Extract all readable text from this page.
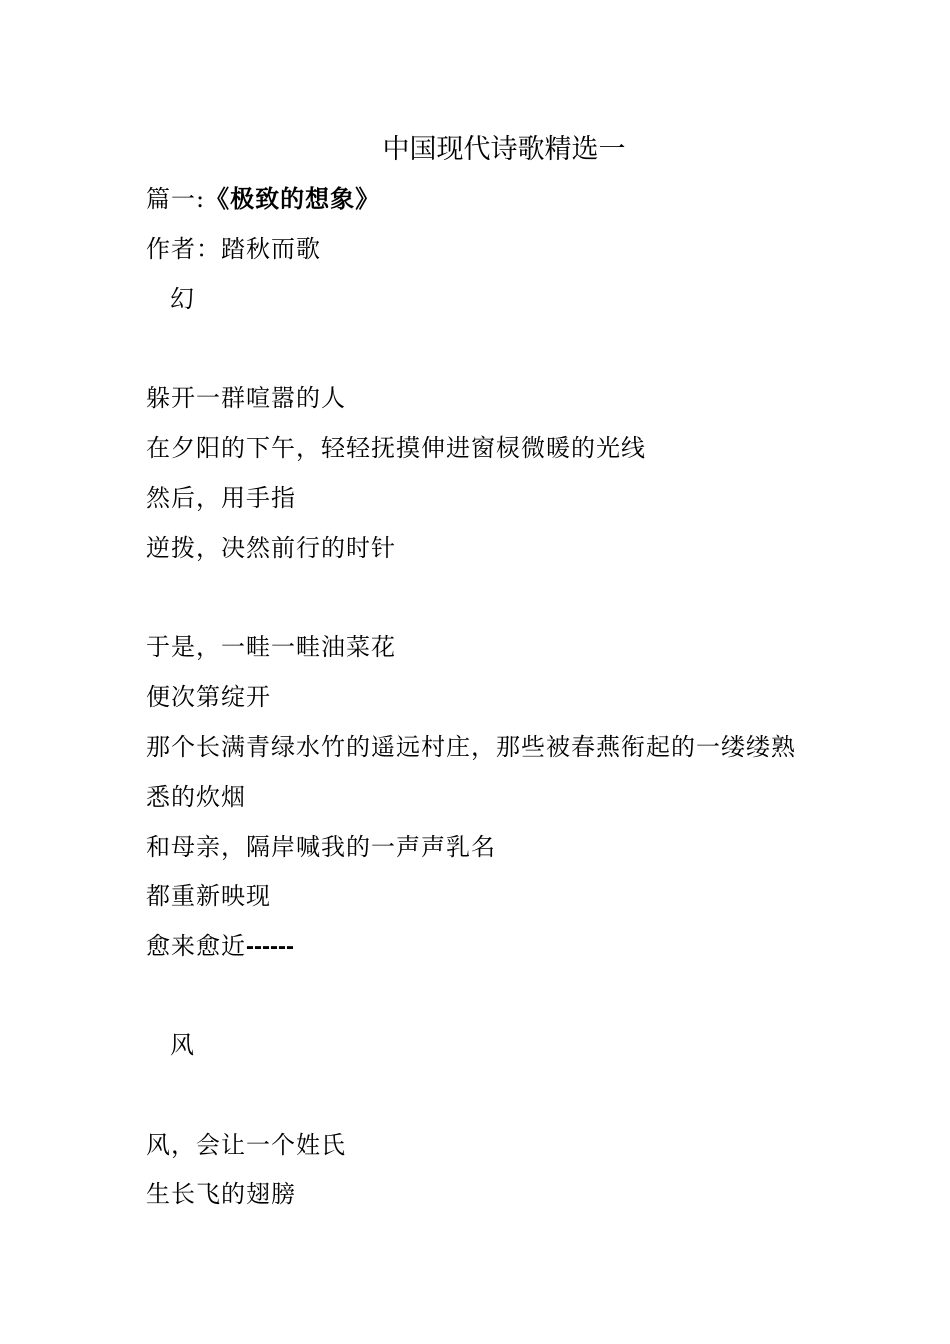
中国现代诗歌精选一
篇一:《极致的想象》
作者：踏秋而歌
幻
躲开一群喧嚣的人
在夕阳的下午，轻轻抚摸伸进窗棂微暖的光线
然后，用手指
逆拨，决然前行的时针
于是，一畦一畦油菜花
便次第绽开
那个长满青绿水竹的遥远村庄，那些被春燕衔起的一缕缕熟
悉的炊烟
和母亲，隔岸喊我的一声声乳名
都重新映现
愈来愈近------
风
风，会让一个姓氏
生长飞的翅膀
